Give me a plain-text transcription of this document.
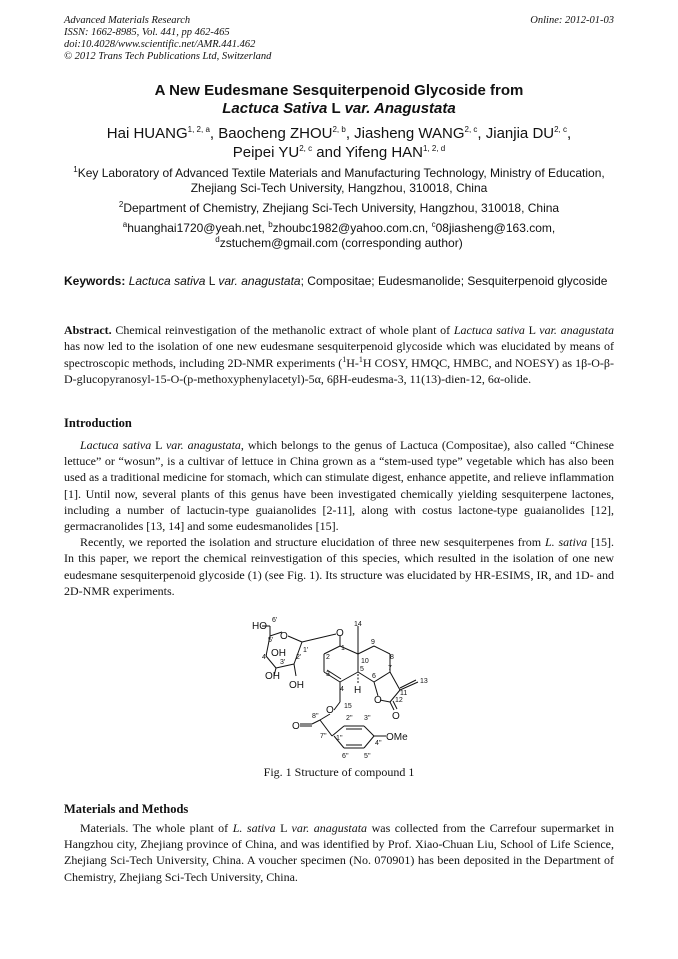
Advanced Materials Research
ISSN: 1662-8985, Vol. 441, pp 462-465
doi:10.4028/www.scientific.net/AMR.441.462
© 2012 Trans Tech Publications Ltd, Switzerland
Online: 2012-01-03
A New Eudesmane Sesquiterpenoid Glycoside from
Lactuca Sativa L var. Anagustata
Hai HUANG$^{1, 2, a}$, Baocheng ZHOU$^{2, b}$, Jiasheng WANG$^{2, c}$, Jianjia DU$^{2, c}$,
Peipei YU$^{2, c}$ and Yifeng HAN$^{1, 2, d}$
$^1$Key Laboratory of Advanced Textile Materials and Manufacturing Technology, Ministry of Education, Zhejiang Sci-Tech University, Hangzhou, 310018, China
$^2$Department of Chemistry, Zhejiang Sci-Tech University, Hangzhou, 310018, China
$^a$huanghai1720@yeah.net, $^b$zhoubc1982@yahoo.com.cn, $^c$08jiasheng@163.com,
$^d$zstuchem@gmail.com (corresponding author)
Keywords: Lactuca sativa L var. anagustata; Compositae; Eudesmanolide; Sesquiterpenoid glycoside
Abstract. Chemical reinvestigation of the methanolic extract of whole plant of Lactuca sativa L var. anagustata has now led to the isolation of one new eudesmane sesquiterpenoid glycoside which was elucidated by means of spectroscopic methods, including 2D-NMR experiments ($^1$H-$^1$H COSY, HMQC, HMBC, and NOESY) as 1β-O-β-D-glucopyranosyl-15-O-(p-methoxyphenylacetyl)-5α, 6βH-eudesma-3, 11(13)-dien-12, 6α-olide.
Introduction

Lactuca sativa L var. anagustata, which belongs to the genus of Lactuca (Compositae), also called “Chinese lettuce” or “wosun”, is a cultivar of lettuce in China grown as a “stem-used type” vegetable which has also been used as a traditional medicine for stomach, which can stimulate digest, enhance appetite, and relieve inflammation [1]. Until now, several plants of this genus have been investigated chemically yielding sesquiterpene lactones, including a number of lactucin-type guaianolides [2-11], along with costus lactone-type guaianolides [12], germacranolides [13, 14] and some eudesmanolides [15].

Recently, we reported the isolation and structure elucidation of three new sesquiterpenes from L. sativa [15]. In this paper, we report the chemical reinvestigation of this species, which resulted in the isolation of one new eudesmane sesquiterpenoid glycoside (1) (see Fig. 1). Its structure was elucidated by HR-ESIMS, IR, and 1D- and 2D-NMR experiments.

HO
O	O
OH
OH
OH	H
O
O
O
O
OMe
6'
5'
4'
3'
2'
1'	1
2
3
4
5
6
7
8
9
10
11
12
13
14
15
8''
7'' 1''
2'' 3''
4''
5''
6''
Fig. 1 Structure of compound 1
Materials and Methods

Materials. The whole plant of L. sativa L var. anagustata was collected from the Carrefour supermarket in Hangzhou city, Zhejiang province of China, and was identified by Prof. Xiao-Chuan Liu, School of Life Science, Zhejiang Sci-Tech University, China. A voucher specimen (No. 070901) has been deposited in the Department of Chemistry, Zhejiang Sci-Tech University, China.
